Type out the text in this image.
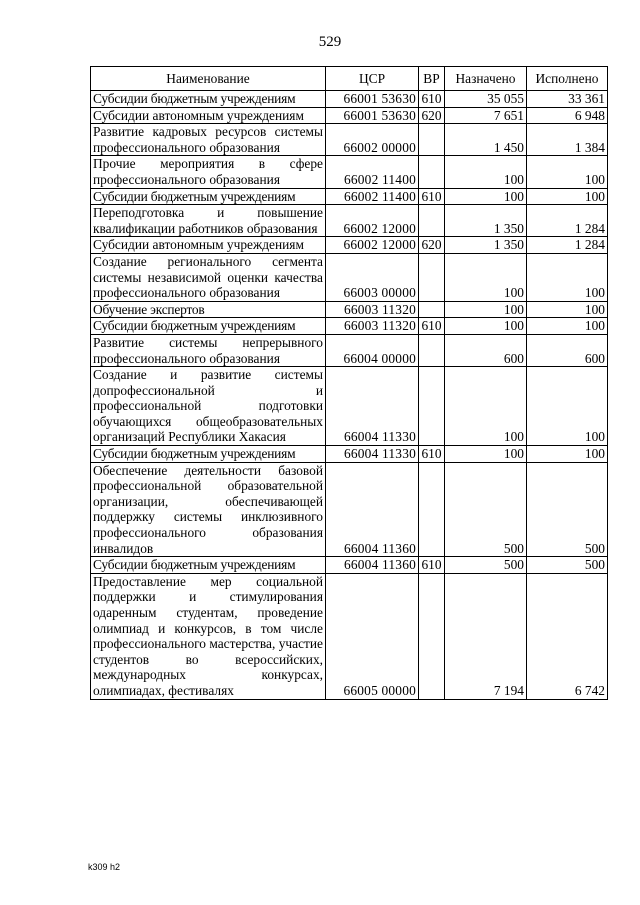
529
Наименование	ЦСР	ВР	Назначено	Исполнено
Субсидии бюджетным учреждениям	66001 53630	610	35 055	33 361
Субсидии автономным учреждениям	66001 53630	620	7 651	6 948
Развитие кадровых ресурсов системы профессионального образования	66002 00000		1 450	1 384
Прочие мероприятия в сфере профессионального образования	66002 11400		100	100
Субсидии бюджетным учреждениям	66002 11400	610	100	100
Переподготовка и повышение квалификации работников образования	66002 12000		1 350	1 284
Субсидии автономным учреждениям	66002 12000	620	1 350	1 284
Создание регионального сегмента системы независимой оценки качества профессионального образования	66003 00000		100	100
Обучение экспертов	66003 11320		100	100
Субсидии бюджетным учреждениям	66003 11320	610	100	100
Развитие системы непрерывного профессионального образования	66004 00000		600	600
Создание и развитие системы допрофессиональной и профессиональной подготовки обучающихся общеобразовательных организаций Республики Хакасия	66004 11330		100	100
Субсидии бюджетным учреждениям	66004 11330	610	100	100
Обеспечение деятельности базовой профессиональной образовательной организации, обеспечивающей поддержку системы инклюзивного профессионального образования инвалидов	66004 11360		500	500
Субсидии бюджетным учреждениям	66004 11360	610	500	500
Предоставление мер социальной поддержки и стимулирования одаренным студентам, проведение олимпиад и конкурсов, в том числе профессионального мастерства, участие студентов во всероссийских, международных конкурсах, олимпиадах, фестивалях	66005 00000		7 194	6 742
k309 h2
